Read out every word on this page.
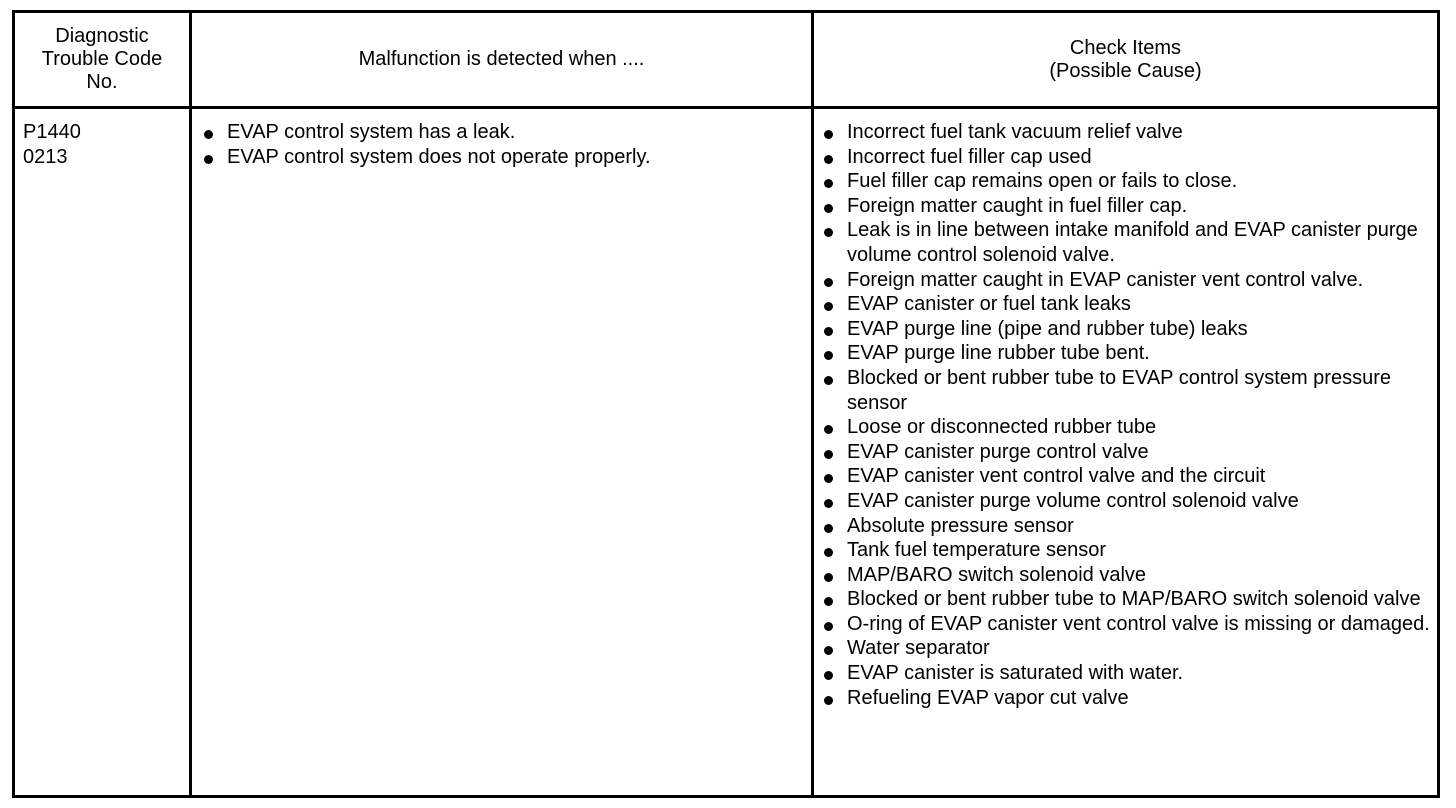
Diagnostic
Trouble Code
No.
Malfunction is detected when ....
Check Items
(Possible Cause)
P1440
0213
EVAP control system has a leak.
EVAP control system does not operate properly.
Incorrect fuel tank vacuum relief valve
Incorrect fuel filler cap used
Fuel filler cap remains open or fails to close.
Foreign matter caught in fuel filler cap.
Leak is in line between intake manifold and EVAP canister purge volume control solenoid valve.
Foreign matter caught in EVAP canister vent control valve.
EVAP canister or fuel tank leaks
EVAP purge line (pipe and rubber tube) leaks
EVAP purge line rubber tube bent.
Blocked or bent rubber tube to EVAP control system pressure sensor
Loose or disconnected rubber tube
EVAP canister purge control valve
EVAP canister vent control valve and the circuit
EVAP canister purge volume control solenoid valve
Absolute pressure sensor
Tank fuel temperature sensor
MAP/BARO switch solenoid valve
Blocked or bent rubber tube to MAP/BARO switch solenoid valve
O-ring of EVAP canister vent control valve is missing or damaged.
Water separator
EVAP canister is saturated with water.
Refueling EVAP vapor cut valve
